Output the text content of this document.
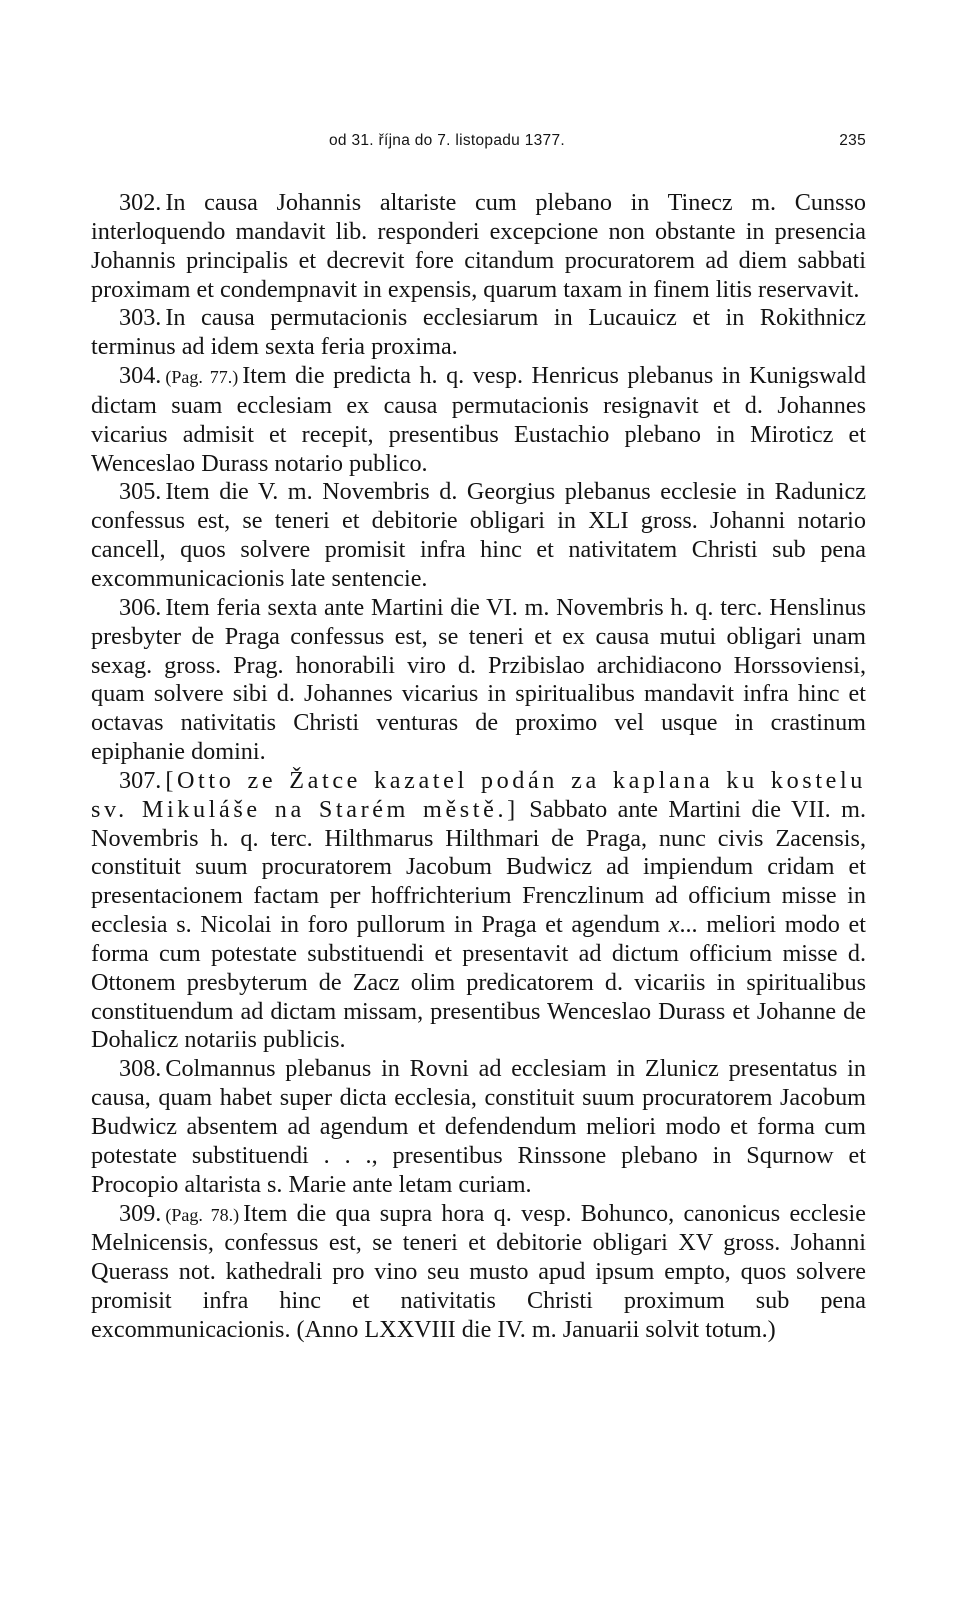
od 31. října do 7. listopadu 1377.	235

302. In causa Johannis altariste cum plebano in Tinecz m. Cunsso interloquendo mandavit lib. responderi excepcione non obstante in presencia Johannis principalis et decrevit fore citandum procuratorem ad diem sabbati proximam et condempnavit in expensis, quarum taxam in finem litis reservavit.

303. In causa permutacionis ecclesiarum in Lucauicz et in Rokithnicz terminus ad idem sexta feria proxima.

304. (Pag. 77.) Item die predicta h. q. vesp. Henricus plebanus in Kunigswald dictam suam ecclesiam ex causa permutacionis resignavit et d. Johannes vicarius admisit et recepit, presentibus Eustachio plebano in Miroticz et Wenceslao Durass notario publico.

305. Item die V. m. Novembris d. Georgius plebanus ecclesie in Radunicz confessus est, se teneri et debitorie obligari in XLI gross. Johanni notario cancell, quos solvere promisit infra hinc et nativitatem Christi sub pena excommunicacionis late sentencie.

306. Item feria sexta ante Martini die VI. m. Novembris h. q. terc. Henslinus presbyter de Praga confessus est, se teneri et ex causa mutui obligari unam sexag. gross. Prag. honorabili viro d. Przibislao archidiacono Horssoviensi, quam solvere sibi d. Johannes vicarius in spiritualibus mandavit infra hinc et octavas nativitatis Christi venturas de proximo vel usque in crastinum epiphanie domini.

307. [Otto ze Žatce kazatel podán za kaplana ku kostelu sv. Mikuláše na Starém městě.] Sabbato ante Martini die VII. m. Novembris h. q. terc. Hilthmarus Hilthmari de Praga, nunc civis Zacensis, constituit suum procuratorem Jacobum Budwicz ad impiendum cridam et presentacionem factam per hoffrichterium Frenczlinum ad officium misse in ecclesia s. Nicolai in foro pullorum in Praga et agendum x... meliori modo et forma cum potestate substituendi et presentavit ad dictum officium misse d. Ottonem presbyterum de Zacz olim predicatorem d. vicariis in spiritualibus constituendum ad dictam missam, presentibus Wenceslao Durass et Johanne de Dohalicz notariis publicis.

308. Colmannus plebanus in Rovni ad ecclesiam in Zlunicz presentatus in causa, quam habet super dicta ecclesia, constituit suum procuratorem Jacobum Budwicz absentem ad agendum et defendendum meliori modo et forma cum potestate substituendi . . ., presentibus Rinssone plebano in Squrnow et Procopio altarista s. Marie ante letam curiam.

309. (Pag. 78.) Item die qua supra hora q. vesp. Bohunco, canonicus ecclesie Melnicensis, confessus est, se teneri et debitorie obligari XV gross. Johanni Querass not. kathedrali pro vino seu musto apud ipsum empto, quos solvere promisit infra hinc et nativitatis Christi proximum sub pena excommunicacionis. (Anno LXXVIII die IV. m. Januarii solvit totum.)
